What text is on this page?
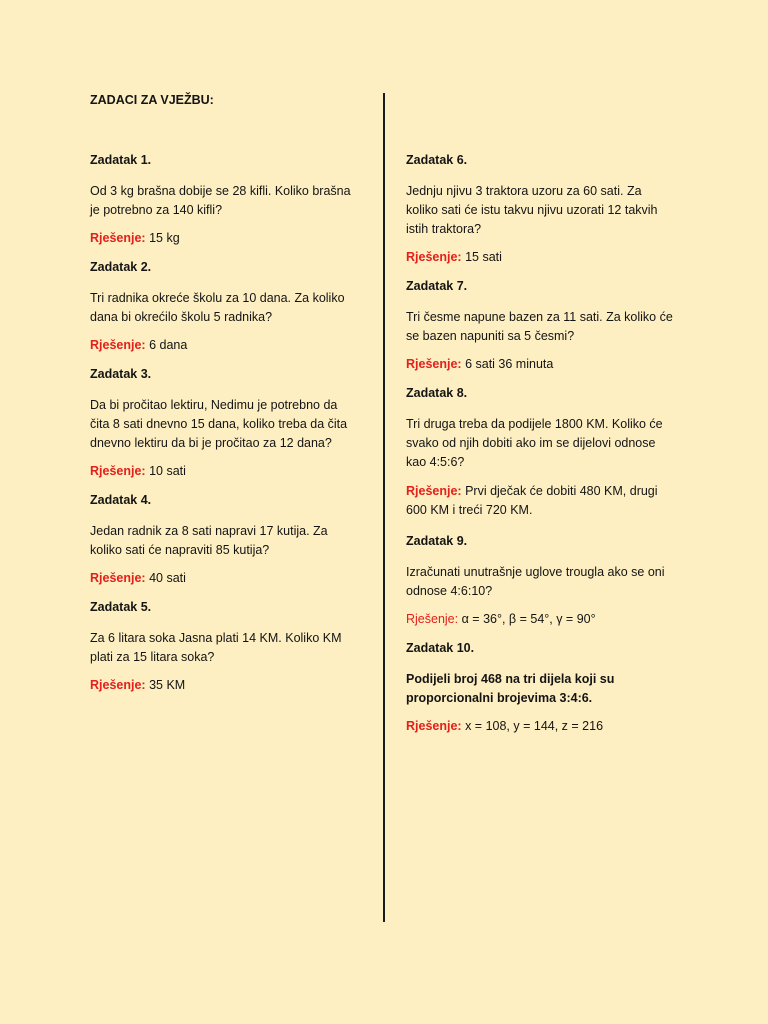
ZADACI ZA VJEŽBU:

Zadatak 1.

Od 3 kg brašna dobije se 28 kifli. Koliko brašna
je potrebno za 140 kifli?

Rješenje: 15 kg

Zadatak 2.

Tri radnika okreće školu za 10 dana. Za koliko
dana bi okrećilo školu 5 radnika?

Rješenje: 6 dana

Zadatak 3.

Da bi pročitao lektiru, Nedimu je potrebno da
čita 8 sati dnevno 15 dana, koliko treba da čita
dnevno lektiru da bi je pročitao za 12 dana?

Rješenje: 10 sati

Zadatak 4.

Jedan radnik za 8 sati napravi 17 kutija. Za
koliko sati će napraviti 85 kutija?

Rješenje: 40 sati

Zadatak 5.

Za 6 litara soka Jasna plati 14 KM. Koliko KM
plati za 15 litara soka?

Rješenje: 35 KM

Zadatak 6.

Jednju njivu 3 traktora uzoru za 60 sati. Za
koliko sati će istu takvu njivu uzorati 12 takvih
istih traktora?

Rješenje: 15 sati

Zadatak 7.

Tri česme napune bazen za 11 sati. Za koliko će
se bazen napuniti sa 5 česmi?

Rješenje: 6 sati 36 minuta

Zadatak 8.

Tri druga treba da podijele 1800 KM. Koliko će
svako od njih dobiti ako im se dijelovi odnose
kao 4:5:6?

Rješenje: Prvi dječak će dobiti 480 KM, drugi
600 KM i treći 720 KM.

Zadatak 9.

Izračunati unutrašnje uglove trougla ako se oni
odnose 4:6:10?

Rješenje: α = 36°, β = 54°, γ = 90°

Zadatak 10.

Podijeli broj 468 na tri dijela koji su
proporcionalni brojevima 3:4:6.

Rješenje: x = 108, y = 144, z = 216
